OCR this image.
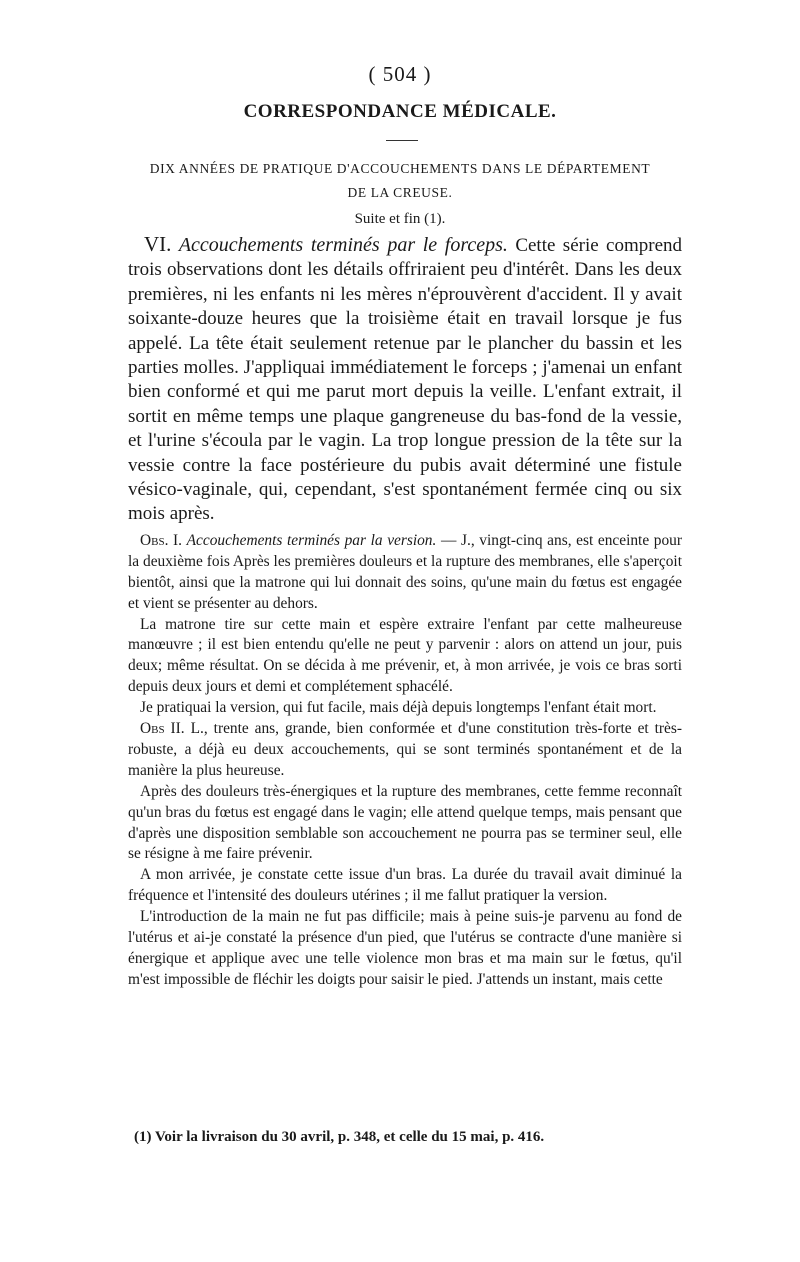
( 504 )
CORRESPONDANCE MÉDICALE.
DIX ANNÉES DE PRATIQUE D'ACCOUCHEMENTS DANS LE DÉPARTEMENT
DE LA CREUSE.
Suite et fin (1).

VI. Accouchements terminés par le forceps. Cette série comprend trois observations dont les détails offriraient peu d'intérêt. Dans les deux premières, ni les enfants ni les mères n'éprouvèrent d'accident. Il y avait soixante-douze heures que la troisième était en travail lorsque je fus appelé. La tête était seulement retenue par le plancher du bassin et les parties molles. J'appliquai immédiatement le forceps ; j'amenai un enfant bien conformé et qui me parut mort depuis la veille. L'enfant extrait, il sortit en même temps une plaque gangreneuse du bas-fond de la vessie, et l'urine s'écoula par le vagin. La trop longue pression de la tête sur la vessie contre la face postérieure du pubis avait déterminé une fistule vésico-vaginale, qui, cependant, s'est spontanément fermée cinq ou six mois après.

Obs. I. Accouchements terminés par la version. — J., vingt-cinq ans, est enceinte pour la deuxième fois Après les premières douleurs et la rupture des membranes, elle s'aperçoit bientôt, ainsi que la matrone qui lui donnait des soins, qu'une main du fœtus est engagée et vient se présenter au dehors.

La matrone tire sur cette main et espère extraire l'enfant par cette malheureuse manœuvre ; il est bien entendu qu'elle ne peut y parvenir : alors on attend un jour, puis deux; même résultat. On se décida à me prévenir, et, à mon arrivée, je vois ce bras sorti depuis deux jours et demi et complétement sphacélé.

Je pratiquai la version, qui fut facile, mais déjà depuis longtemps l'enfant était mort.

Obs II. L., trente ans, grande, bien conformée et d'une constitution très-forte et très-robuste, a déjà eu deux accouchements, qui se sont terminés spontanément et de la manière la plus heureuse.

Après des douleurs très-énergiques et la rupture des membranes, cette femme reconnaît qu'un bras du fœtus est engagé dans le vagin; elle attend quelque temps, mais pensant que d'après une disposition semblable son accouchement ne pourra pas se terminer seul, elle se résigne à me faire prévenir.

A mon arrivée, je constate cette issue d'un bras. La durée du travail avait diminué la fréquence et l'intensité des douleurs utérines ; il me fallut pratiquer la version.

L'introduction de la main ne fut pas difficile; mais à peine suis-je parvenu au fond de l'utérus et ai-je constaté la présence d'un pied, que l'utérus se contracte d'une manière si énergique et applique avec une telle violence mon bras et ma main sur le fœtus, qu'il m'est impossible de fléchir les doigts pour saisir le pied. J'attends un instant, mais cette

(1) Voir la livraison du 30 avril, p. 348, et celle du 15 mai, p. 416.
